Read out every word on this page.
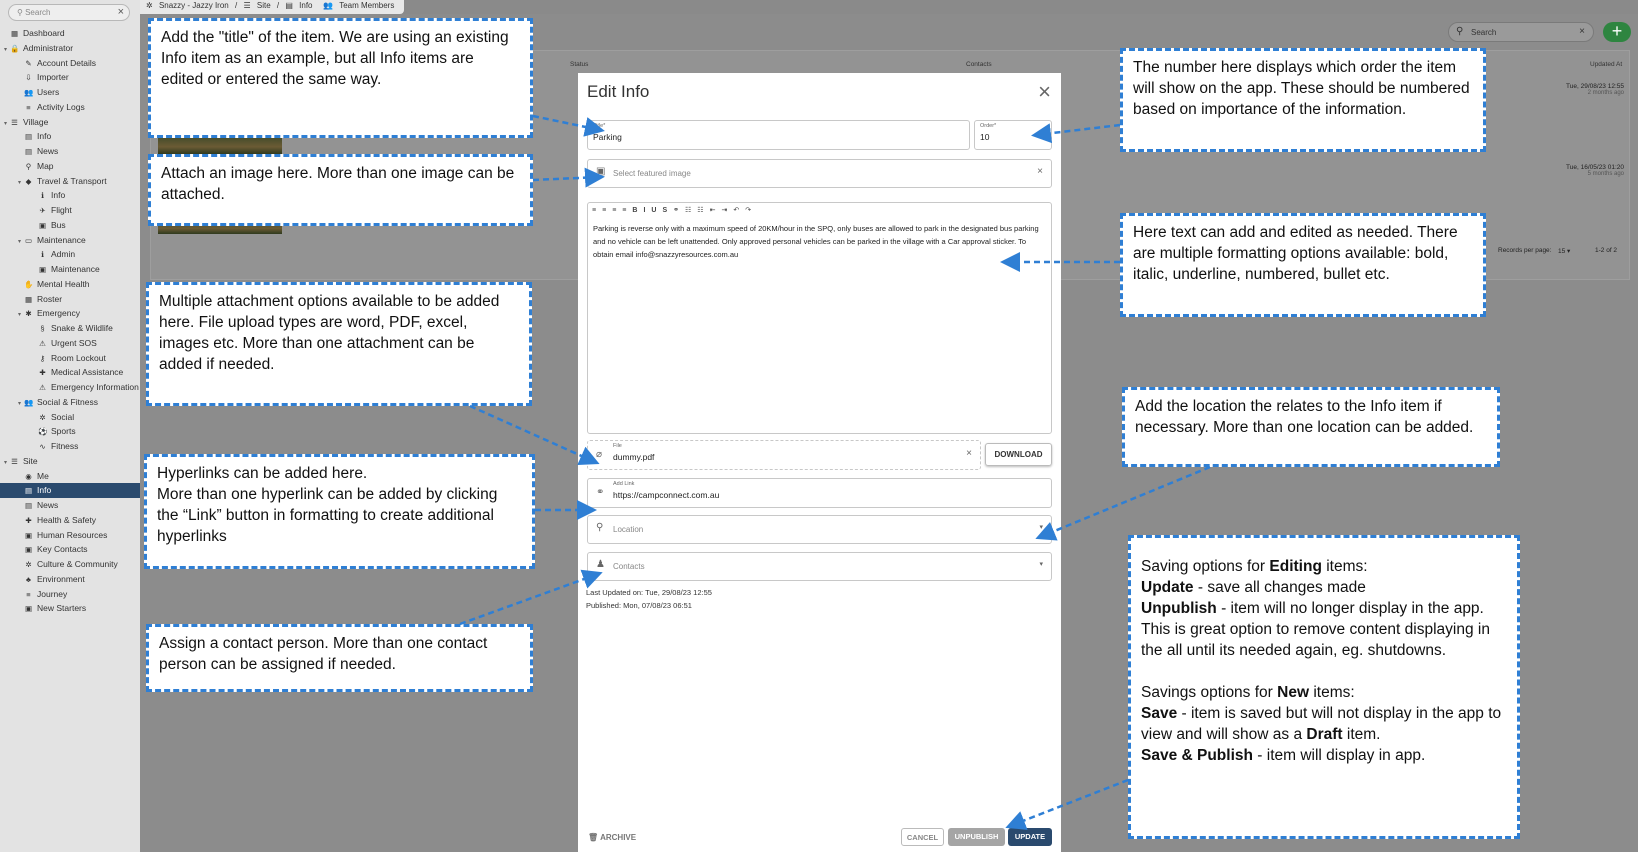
⚲ Search	×
▦ Dashboard
▾ 🔒 Administrator
✎ Account Details
⇩ Importer
👥 Users
≡ Activity Logs
▾ ☰ Village
▤ Info
▤ News
⚲ Map
▾ ◆ Travel & Transport
ℹ Info
✈ Flight
▣ Bus
▾ ▭ Maintenance
ℹ Admin
▣ Maintenance
✋ Mental Health
▦ Roster
▾ ✱ Emergency
§ Snake & Wildlife
⚠ Urgent SOS
⚷ Room Lockout
✚ Medical Assistance
⚠ Emergency Information
▾ 👥 Social & Fitness
✲ Social
⚽ Sports
∿ Fitness
▾ ☰ Site
◉ Me
▤ Info
▤ News
✚ Health & Safety
▣ Human Resources
▣ Key Contacts
✲ Culture & Community
♣ Environment
≡ Journey
▣ New Starters
✲ Snazzy - Jazzy Iron / ☰ Site / ▤ Info   👥 Team Members
Status	Contacts	Updated At
Tue, 29/08/23 12:55
2 months ago
Tue, 16/05/23 01:20
5 months ago
⚲ Search	×	+
Records per page: 15 ▾	1-2 of 2
Edit Info	×
Title*
Parking
Order*
10
▣ Select featured image	×
≡ ≡ ≡ ≡ B I U S ⚭ ☷ ☷ ⇤ ⇥ ↶ ↷
Parking is reverse only with a maximum speed of 20KM/hour in the SPQ, only buses are allowed to park in the designated bus parking and no vehicle can be left unattended. Only approved personal vehicles can be parked in the village with a Car approval sticker. To obtain email info@snazzyresources.com.au
⌀
File
dummy.pdf	×	DOWNLOAD
⚭
Add Link
https://campconnect.com.au
⚲ Location	▾
♟ Contacts	▾
Last Updated on: Tue, 29/08/23 12:55
Published: Mon, 07/08/23 06:51
🗑 ARCHIVE	CANCEL	UNPUBLISH	UPDATE

Add the "title" of the item. We are using an existing Info item as an example, but all Info items are edited or entered the same way.

Attach an image here. More than one image can be attached.

Multiple attachment options available to be added here. File upload types are word, PDF, excel, images etc. More than one attachment can be added if needed.

Hyperlinks can be added here.

More than one hyperlink can be added by clicking the “Link” button in formatting to create additional hyperlinks

Assign a contact person. More than one contact person can be assigned if needed.

The number here displays which order the item will show on the app. These should be numbered based on importance of the information.

Here text can add and edited as needed. There are multiple formatting options available: bold, italic, underline, numbered, bullet etc.

Add the location the relates to the Info item if necessary. More than one location can be added.

Saving options for Editing items:

Update - save all changes made

Unpublish - item will no longer display in the app. This is great option to remove content displaying in the all until its needed again, eg. shutdowns.

Savings options for New items:

Save - item is saved but will not display in the app to view and will show as a Draft item.

Save & Publish - item will display in app.
